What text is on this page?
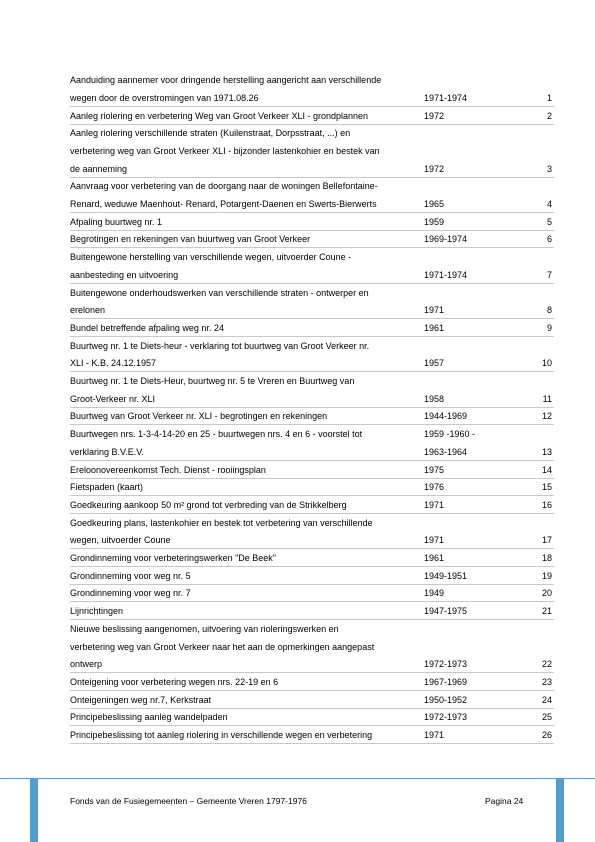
Aanduiding aannemer voor dringende herstelling aangericht aan verschillende
wegen door de overstromingen van 1971.08.26	1971-1974	1
Aanleg riolering en verbetering Weg van Groot Verkeer XLI - grondplannen	1972	2
Aanleg riolering verschillende straten (Kuilenstraat, Dorpsstraat, ...) en
verbetering weg van Groot Verkeer XLI - bijzonder lastenkohier en bestek van
de aanneming	1972	3
Aanvraag voor verbetering van de doorgang naar de woningen Bellefontaine-
Renard, weduwe Maenhout- Renard, Potargent-Daenen en Swerts-Bierwerts	1965	4
Afpaling buurtweg nr. 1	1959	5
Begrotingen en rekeningen van buurtweg van Groot Verkeer	1969-1974	6
Buitengewone herstelling van verschillende wegen, uitvoerder Coune -
aanbesteding en uitvoering	1971-1974	7
Buitengewone onderhoudswerken van verschillende straten - ontwerper en
erelonen	1971	8
Bundel betreffende afpaling weg nr. 24	1961	9
Buurtweg nr. 1 te Diets-heur - verklaring tot buurtweg van Groot Verkeer nr.
XLI - K.B. 24.12.1957	1957	10
Buurtweg nr. 1 te Diets-Heur, buurtweg nr. 5 te Vreren en Buurtweg van
Groot-Verkeer nr. XLI	1958	11
Buurtweg van Groot Verkeer nr. XLI - begrotingen en rekeningen	1944-1969	12
Buurtwegen nrs. 1-3-4-14-20 en 25 - buurtwegen nrs. 4 en 6 - voorstel tot	1959 -1960 -
verklaring B.V.E.V.	1963-1964	13
Ereloonovereenkomst Tech. Dienst - rooiingsplan	1975	14
Fietspaden (kaart)	1976	15
Goedkeuring aankoop 50 m² grond tot verbreding van de Strikkelberg	1971	16
Goedkeuring plans, lastenkohier en bestek tot verbetering van verschillende
wegen, uitvoerder Coune	1971	17
Grondinneming voor verbeteringswerken "De Beek"	1961	18
Grondinneming voor weg nr. 5	1949-1951	19
Grondinneming voor weg nr. 7	1949	20
Lijnrichtingen	1947-1975	21
Nieuwe beslissing aangenomen, uitvoering van rioleringswerken en
verbetering weg van Groot Verkeer naar het aan de opmerkingen aangepast
ontwerp	1972-1973	22
Onteigening voor verbetering wegen nrs. 22-19 en 6	1967-1969	23
Onteigeningen weg nr.7, Kerkstraat	1950-1952	24
Principebeslissing aanleg wandelpaden	1972-1973	25
Principebeslissing tot aanleg riolering in verschillende wegen en verbetering	1971	26
Fonds van de Fusiegemeenten – Gemeente Vreren 1797-1976	Pagina 24
